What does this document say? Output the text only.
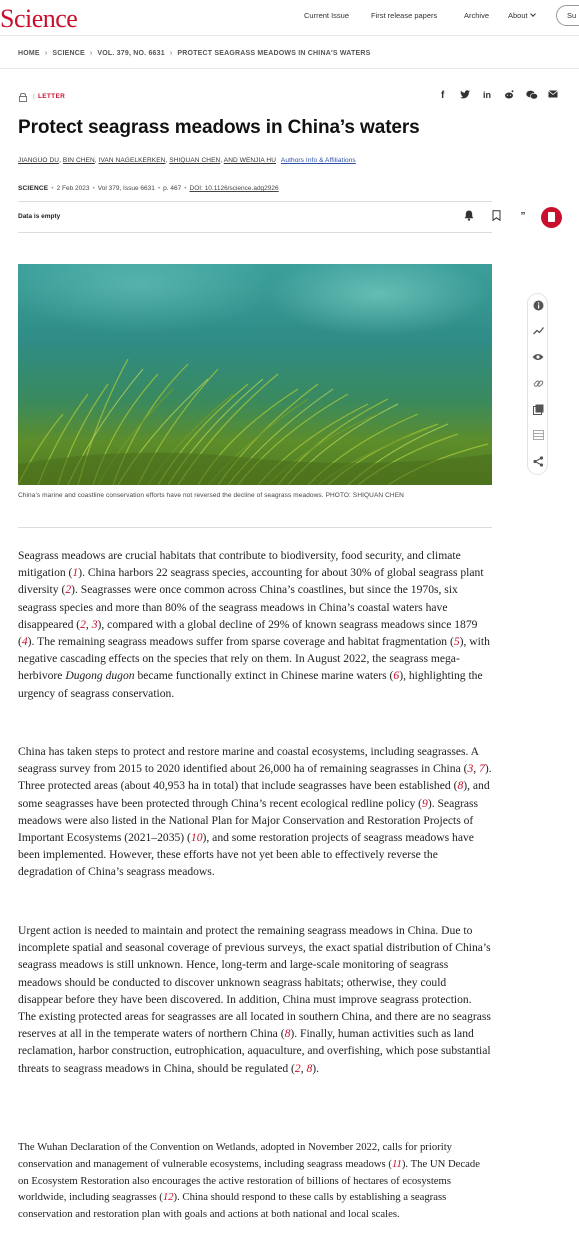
Science	Current Issue	First release papers	Archive	About	Su
HOME › SCIENCE › VOL. 379, NO. 6631 › PROTECT SEAGRASS MEADOWS IN CHINA'S WATERS
| LETTER	f	in
Protect seagrass meadows in China’s waters
JIANGUO DU, BIN CHEN, IVAN NAGELKERKEN, SHIQUAN CHEN, AND WENJIA HU Authors Info & Affiliations
SCIENCE • 2 Feb 2023 • Vol 379, Issue 6631 • p. 467 • DOI: 10.1126/science.adg2926
Data is empty	”
China’s marine and coastline conservation efforts have not reversed the decline of seagrass meadows. PHOTO: SHIQUAN CHEN
Seagrass meadows are crucial habitats that contribute to biodiversity, food security, and climate mitigation (1). China harbors 22 seagrass species, accounting for about 30% of global seagrass plant diversity (2). Seagrasses were once common across China’s coastlines, but since the 1970s, six seagrass species and more than 80% of the seagrass meadows in China’s coastal waters have disappeared (2, 3), compared with a global decline of 29% of known seagrass meadows since 1879 (4). The remaining seagrass meadows suffer from sparse coverage and habitat fragmentation (5), with negative cascading effects on the species that rely on them. In August 2022, the seagrass mega-herbivore Dugong dugon became functionally extinct in Chinese marine waters (6), highlighting the urgency of seagrass conservation.
China has taken steps to protect and restore marine and coastal ecosystems, including seagrasses. A seagrass survey from 2015 to 2020 identified about 26,000 ha of remaining seagrasses in China (3, 7). Three protected areas (about 40,953 ha in total) that include seagrasses have been established (8), and some seagrasses have been protected through China’s recent ecological redline policy (9). Seagrass meadows were also listed in the National Plan for Major Conservation and Restoration Projects of Important Ecosystems (2021–2035) (10), and some restoration projects of seagrass meadows have been implemented. However, these efforts have not yet been able to effectively reverse the degradation of China’s seagrass meadows.
Urgent action is needed to maintain and protect the remaining seagrass meadows in China. Due to incomplete spatial and seasonal coverage of previous surveys, the exact spatial distribution of China’s seagrass meadows is still unknown. Hence, long-term and large-scale monitoring of seagrass meadows should be conducted to discover unknown seagrass habitats; otherwise, they could disappear before they have been discovered. In addition, China must improve seagrass protection. The existing protected areas for seagrasses are all located in southern China, and there are no seagrass reserves at all in the temperate waters of northern China (8). Finally, human activities such as land reclamation, harbor construction, eutrophication, aquaculture, and overfishing, which pose substantial threats to seagrass meadows in China, should be regulated (2, 8).
The Wuhan Declaration of the Convention on Wetlands, adopted in November 2022, calls for priority conservation and management of vulnerable ecosystems, including seagrass meadows (11). The UN Decade on Ecosystem Restoration also encourages the active restoration of billions of hectares of ecosystems worldwide, including seagrasses (12). China should respond to these calls by establishing a seagrass conservation and restoration plan with goals and actions at both national and local scales.
